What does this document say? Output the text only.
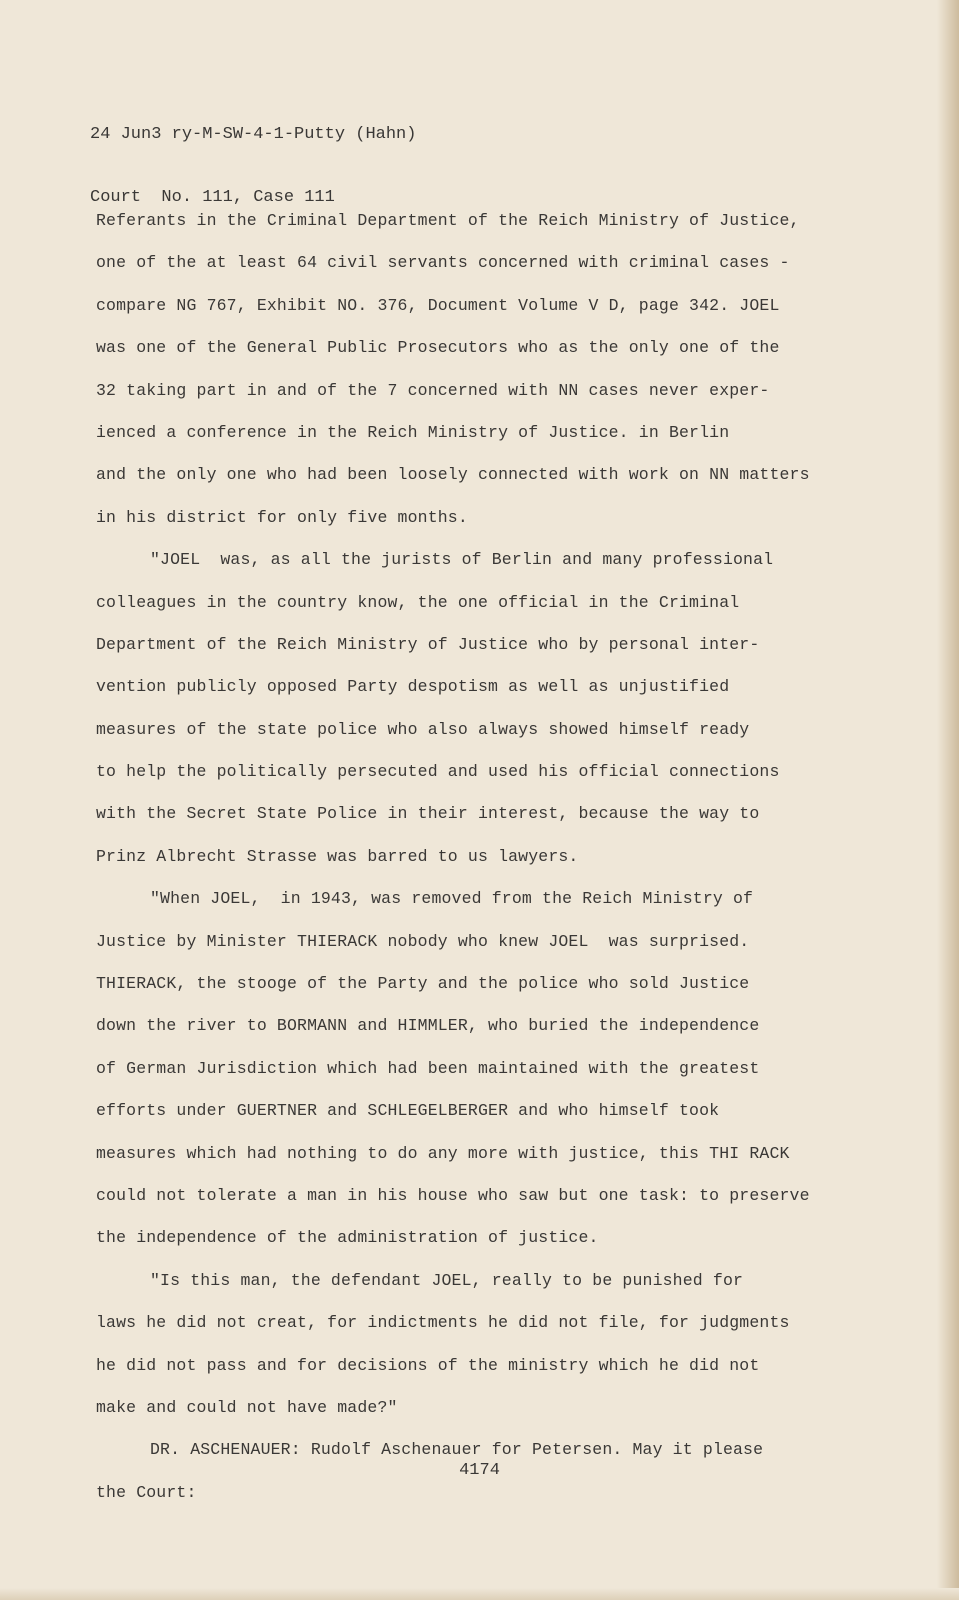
24 Jun3 ry-M-SW-4-1-Putty (Hahn)

Court  No. 111, Case 111

Referants in the Criminal Department of the Reich Ministry of Justice,
one of the at least 64 civil servants concerned with criminal cases -
compare NG 767, Exhibit NO. 376, Document Volume V D, page 342. JOEL
was one of the General Public Prosecutors who as the only one of the
32 taking part in and of the 7 concerned with NN cases never exper-
ienced a conference in the Reich Ministry of Justice. in Berlin
and the only one who had been loosely connected with work on NN matters
in his district for only five months.
"JOEL  was, as all the jurists of Berlin and many professional
colleagues in the country know, the one official in the Criminal
Department of the Reich Ministry of Justice who by personal inter-
vention publicly opposed Party despotism as well as unjustified
measures of the state police who also always showed himself ready
to help the politically persecuted and used his official connections
with the Secret State Police in their interest, because the way to
Prinz Albrecht Strasse was barred to us lawyers.
"When JOEL,  in 1943, was removed from the Reich Ministry of
Justice by Minister THIERACK nobody who knew JOEL  was surprised.
THIERACK, the stooge of the Party and the police who sold Justice
down the river to BORMANN and HIMMLER, who buried the independence
of German Jurisdiction which had been maintained with the greatest
efforts under GUERTNER and SCHLEGELBERGER and who himself took
measures which had nothing to do any more with justice, this THI RACK
could not tolerate a man in his house who saw but one task: to preserve
the independence of the administration of justice.
"Is this man, the defendant JOEL, really to be punished for
laws he did not creat, for indictments he did not file, for judgments
he did not pass and for decisions of the ministry which he did not
make and could not have made?"
DR. ASCHENAUER: Rudolf Aschenauer for Petersen. May it please
the Court:
4174
